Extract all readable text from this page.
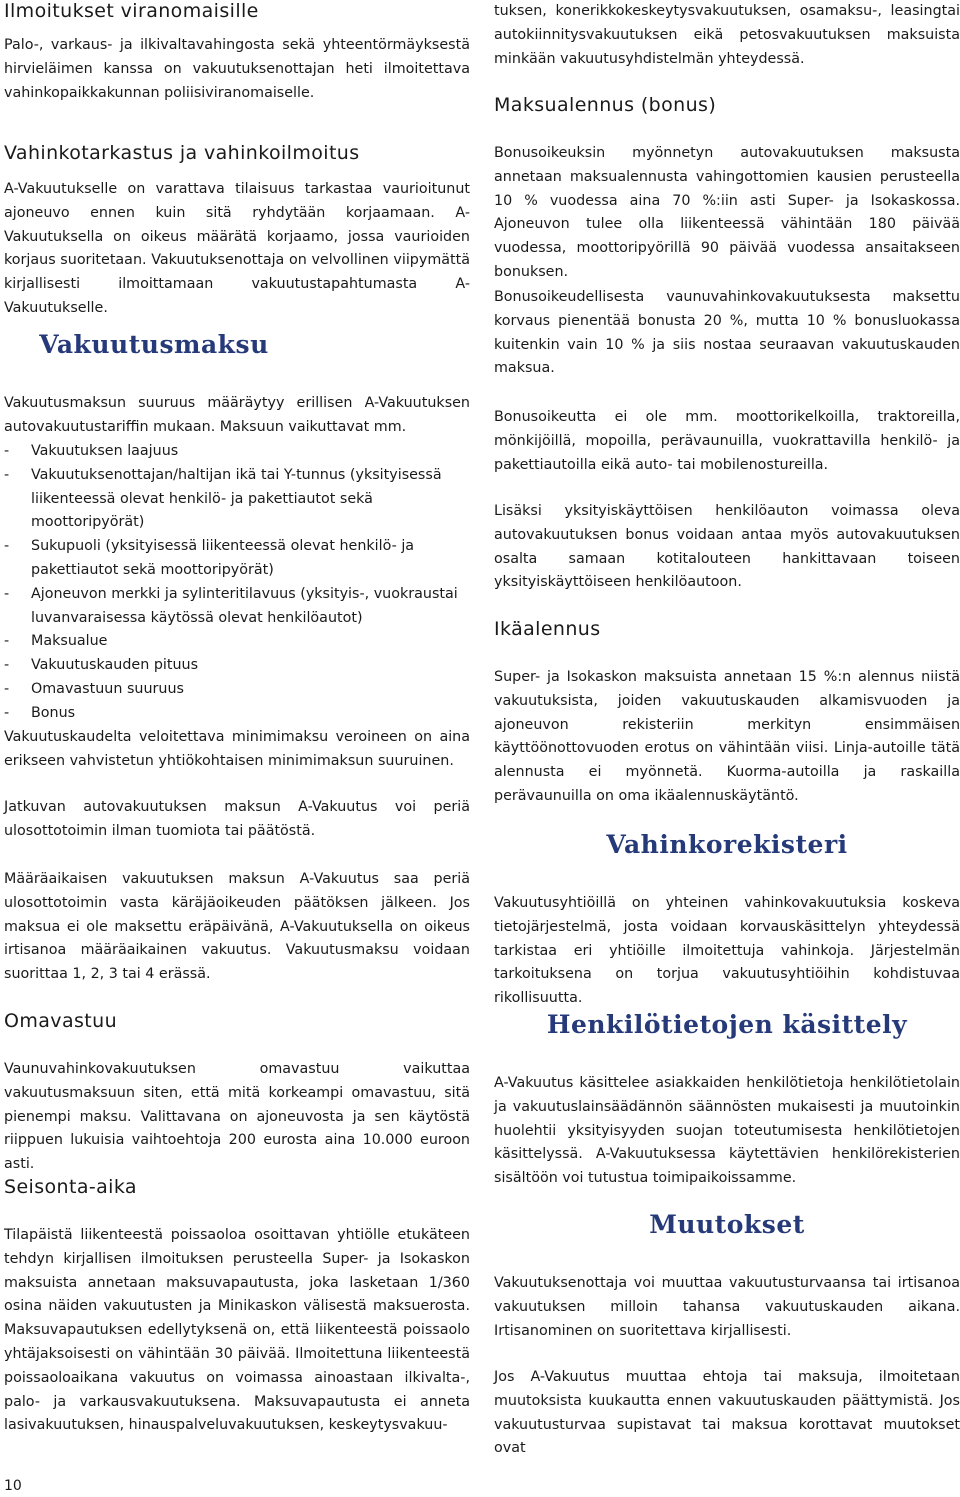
Ilmoitukset viranomaisille

Palo-, varkaus- ja ilkivaltavahingosta sekä yhteentörmäyksestä hirvieläimen kanssa on vakuutuksenottajan heti ilmoitettava vahinkopaikkakunnan poliisiviranomaiselle.

Vahinkotarkastus ja vahinkoilmoitus

A-Vakuutukselle on varattava tilaisuus tarkastaa vaurioitunut ajoneuvo ennen kuin sitä ryhdytään korjaamaan. A-Vakuutuksella on oikeus määrätä korjaamo, jossa vaurioiden korjaus suoritetaan. Vakuutuksenottaja on velvollinen viipymättä kirjallisesti ilmoittamaan vakuutustapahtumasta A-Vakuutukselle.

Vakuutusmaksu

Vakuutusmaksun suuruus määräytyy erillisen A-Vakuutuksen autovakuutustariffin mukaan. Maksuun vaikuttavat mm.

- Vakuutuksen laajuus
- Vakuutuksenottajan/haltijan ikä tai Y-tunnus (yksityisessä liikenteessä olevat henkilö- ja pakettiautot sekä moottoripyörät)
- Sukupuoli (yksityisessä liikenteessä olevat henkilö- ja pakettiautot sekä moottoripyörät)
- Ajoneuvon merkki ja sylinteritilavuus (yksityis-, vuokraustai luvanvaraisessa käytössä olevat henkilöautot)
- Maksualue
- Vakuutuskauden pituus
- Omavastuun suuruus
- Bonus

Vakuutuskaudelta veloitettava minimimaksu veroineen on aina erikseen vahvistetun yhtiökohtaisen minimimaksun suuruinen.

Jatkuvan autovakuutuksen maksun A-Vakuutus voi periä ulosottotoimin ilman tuomiota tai päätöstä.

Määräaikaisen vakuutuksen maksun A-Vakuutus saa periä ulosottotoimin vasta käräjäoikeuden päätöksen jälkeen. Jos maksua ei ole maksettu eräpäivänä, A-Vakuutuksella on oikeus irtisanoa määräaikainen vakuutus. Vakuutusmaksu voidaan suorittaa 1, 2, 3 tai 4 erässä.

Omavastuu

Vaunuvahinkovakuutuksen omavastuu vaikuttaa vakuutusmaksuun siten, että mitä korkeampi omavastuu, sitä pienempi maksu. Valittavana on ajoneuvosta ja sen käytöstä riippuen lukuisia vaihtoehtoja 200 eurosta aina 10.000 euroon asti.

Seisonta-aika

Tilapäistä liikenteestä poissaoloa osoittavan yhtiölle etukäteen tehdyn kirjallisen ilmoituksen perusteella Super- ja Isokaskon maksuista annetaan maksuvapautusta, joka lasketaan 1/360 osina näiden vakuutusten ja Minikaskon välisestä maksuerosta. Maksuvapautuksen edellytyksenä on, että liikenteestä poissaolo yhtäjaksoisesti on vähintään 30 päivää. Ilmoitettuna liikenteestä poissaoloaikana vakuutus on voimassa ainoastaan ilkivalta-, palo- ja varkausvakuutuksena. Maksuvapautusta ei anneta lasivakuutuksen, hinauspalveluvakuutuksen, keskeytysvakuu-

tuksen, konerikkokeskeytysvakuutuksen, osamaksu-, leasingtai autokiinnitysvakuutuksen eikä petosvakuutuksen maksuista minkään vakuutusyhdistelmän yhteydessä.

Maksualennus (bonus)

Bonusoikeuksin myönnetyn autovakuutuksen maksusta annetaan maksualennusta vahingottomien kausien perusteella 10 % vuodessa aina 70 %:iin asti Super- ja Isokaskossa. Ajoneuvon tulee olla liikenteessä vähintään 180 päivää vuodessa, moottoripyörillä 90 päivää vuodessa ansaitakseen bonuksen.

Bonusoikeudellisesta vaunuvahinkovakuutuksesta maksettu korvaus pienentää bonusta 20 %, mutta 10 % bonusluokassa kuitenkin vain 10 % ja siis nostaa seuraavan vakuutuskauden maksua.

Bonusoikeutta ei ole mm. moottorikelkoilla, traktoreilla, mönkijöillä, mopoilla, perävaunuilla, vuokrattavilla henkilö- ja pakettiautoilla eikä auto- tai mobilenostureilla.

Lisäksi yksityiskäyttöisen henkilöauton voimassa oleva autovakuutuksen bonus voidaan antaa myös autovakuutuksen osalta samaan kotitalouteen hankittavaan toiseen yksityiskäyttöiseen henkilöautoon.

Ikäalennus

Super- ja Isokaskon maksuista annetaan 15 %:n alennus niistä vakuutuksista, joiden vakuutuskauden alkamisvuoden ja ajoneuvon rekisteriin merkityn ensimmäisen käyttöönottovuoden erotus on vähintään viisi. Linja-autoille tätä alennusta ei myönnetä. Kuorma-autoilla ja raskailla perävaunuilla on oma ikäalennuskäytäntö.

Vahinkorekisteri

Vakuutusyhtiöillä on yhteinen vahinkovakuutuksia koskeva tietojärjestelmä, josta voidaan korvauskäsittelyn yhteydessä tarkistaa eri yhtiöille ilmoitettuja vahinkoja. Järjestelmän tarkoituksena on torjua vakuutusyhtiöihin kohdistuvaa rikollisuutta.

Henkilötietojen käsittely

A-Vakuutus käsittelee asiakkaiden henkilötietoja henkilötietolain ja vakuutuslainsäädännön säännösten mukaisesti ja muutoinkin huolehtii yksityisyyden suojan toteutumisesta henkilötietojen käsittelyssä. A-Vakuutuksessa käytettävien henkilörekisterien sisältöön voi tutustua toimipaikoissamme.

Muutokset

Vakuutuksenottaja voi muuttaa vakuutusturvaansa tai irtisanoa vakuutuksen milloin tahansa vakuutuskauden aikana. Irtisanominen on suoritettava kirjallisesti.

Jos A-Vakuutus muuttaa ehtoja tai maksuja, ilmoitetaan muutoksista kuukautta ennen vakuutuskauden päättymistä. Jos vakuutusturvaa supistavat tai maksua korottavat muutokset ovat

10
